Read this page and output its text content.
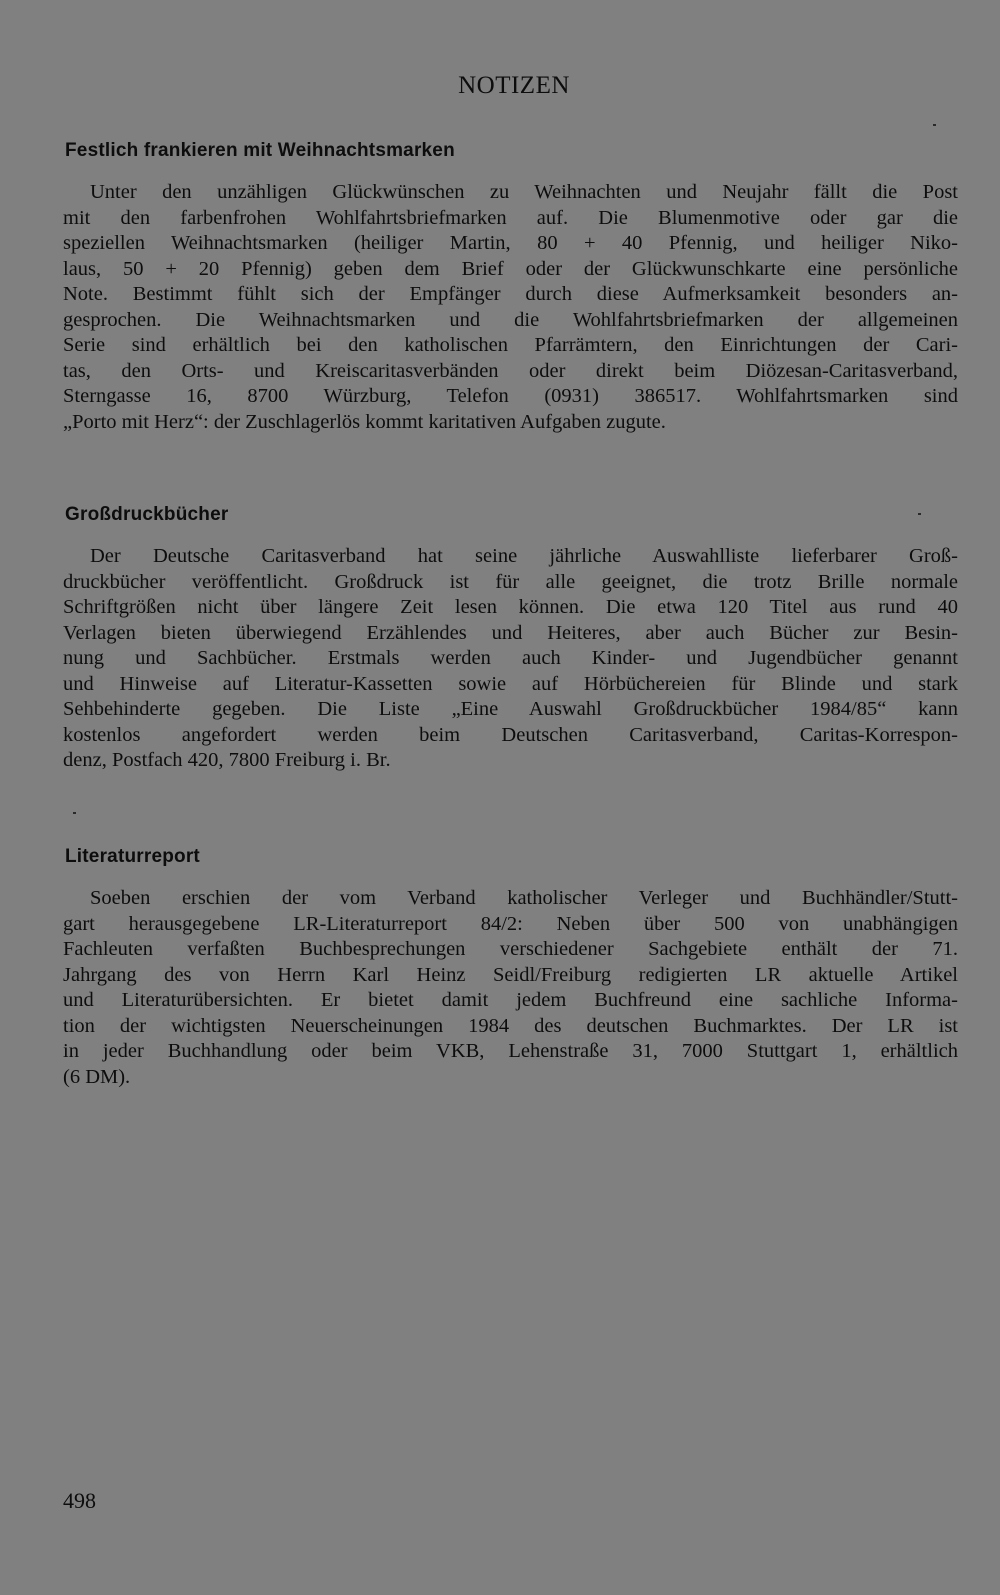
NOTIZEN
Festlich frankieren mit Weihnachtsmarken
Unter den unzähligen Glückwünschen zu Weihnachten und Neujahr fällt die Post
mit den farbenfrohen Wohlfahrtsbriefmarken auf. Die Blumenmotive oder gar die
speziellen Weihnachtsmarken (heiliger Martin, 80 + 40 Pfennig, und heiliger Niko-
laus, 50 + 20 Pfennig) geben dem Brief oder der Glückwunschkarte eine persönliche
Note. Bestimmt fühlt sich der Empfänger durch diese Aufmerksamkeit besonders an-
gesprochen. Die Weihnachtsmarken und die Wohlfahrtsbriefmarken der allgemeinen
Serie sind erhältlich bei den katholischen Pfarrämtern, den Einrichtungen der Cari-
tas, den Orts- und Kreiscaritasverbänden oder direkt beim Diözesan-Caritasverband,
Sterngasse 16, 8700 Würzburg, Telefon (0931) 386517. Wohlfahrtsmarken sind
„Porto mit Herz“: der Zuschlagerlös kommt karitativen Aufgaben zugute.
Großdruckbücher
Der Deutsche Caritasverband hat seine jährliche Auswahlliste lieferbarer Groß-
druckbücher veröffentlicht. Großdruck ist für alle geeignet, die trotz Brille normale
Schriftgrößen nicht über längere Zeit lesen können. Die etwa 120 Titel aus rund 40
Verlagen bieten überwiegend Erzählendes und Heiteres, aber auch Bücher zur Besin-
nung und Sachbücher. Erstmals werden auch Kinder- und Jugendbücher genannt
und Hinweise auf Literatur-Kassetten sowie auf Hörbüchereien für Blinde und stark
Sehbehinderte gegeben. Die Liste „Eine Auswahl Großdruckbücher 1984/85“ kann
kostenlos angefordert werden beim Deutschen Caritasverband, Caritas-Korrespon-
denz, Postfach 420, 7800 Freiburg i. Br.
Literaturreport
Soeben erschien der vom Verband katholischer Verleger und Buchhändler/Stutt-
gart herausgegebene LR-Literaturreport 84/2: Neben über 500 von unabhängigen
Fachleuten verfaßten Buchbesprechungen verschiedener Sachgebiete enthält der 71.
Jahrgang des von Herrn Karl Heinz Seidl/Freiburg redigierten LR aktuelle Artikel
und Literaturübersichten. Er bietet damit jedem Buchfreund eine sachliche Informa-
tion der wichtigsten Neuerscheinungen 1984 des deutschen Buchmarktes. Der LR ist
in jeder Buchhandlung oder beim VKB, Lehenstraße 31, 7000 Stuttgart 1, erhältlich
(6 DM).
498
